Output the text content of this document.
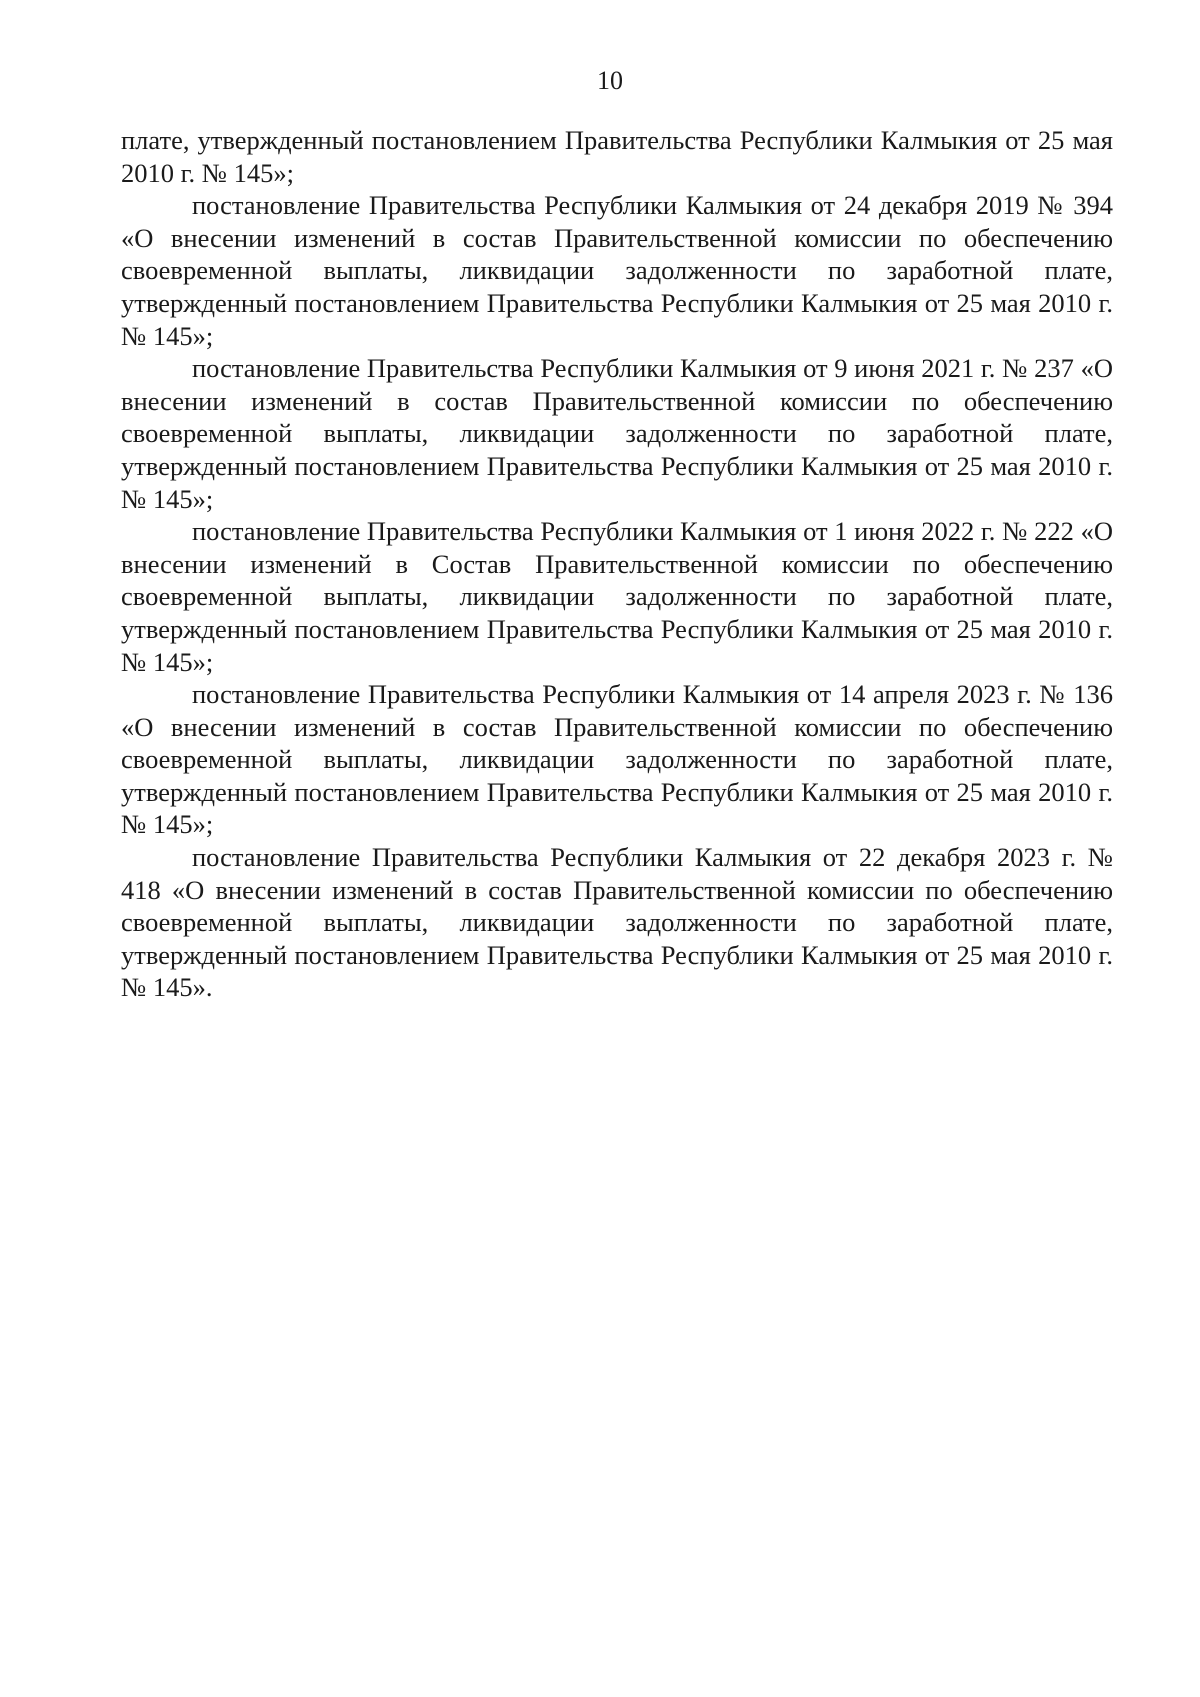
10

плате, утвержденный постановлением Правительства Республики Калмыкия от 25 мая 2010 г. № 145»;

постановление Правительства Республики Калмыкия от 24 декабря 2019 № 394 «О внесении изменений в состав Правительственной комиссии по обеспечению своевременной выплаты, ликвидации задолженности по заработной плате, утвержденный постановлением Правительства Республики Калмыкия от 25 мая 2010 г. № 145»;

постановление Правительства Республики Калмыкия от 9 июня 2021 г. № 237 «О внесении изменений в состав Правительственной комиссии по обеспечению своевременной выплаты, ликвидации задолженности по заработной плате, утвержденный постановлением Правительства Республики Калмыкия от 25 мая 2010 г. № 145»;

постановление Правительства Республики Калмыкия от 1 июня 2022 г. № 222 «О внесении изменений в Состав Правительственной комиссии по обеспечению своевременной выплаты, ликвидации задолженности по заработной плате, утвержденный постановлением Правительства Республики Калмыкия от 25 мая 2010 г. № 145»;

постановление Правительства Республики Калмыкия от 14 апреля 2023 г. № 136 «О внесении изменений в состав Правительственной комиссии по обеспечению своевременной выплаты, ликвидации задолженности по заработной плате, утвержденный постановлением Правительства Республики Калмыкия от 25 мая 2010 г. № 145»;

постановление Правительства Республики Калмыкия от 22 декабря 2023 г. № 418 «О внесении изменений в состав Правительственной комиссии по обеспечению своевременной выплаты, ликвидации задолженности по заработной плате, утвержденный постановлением Правительства Республики Калмыкия от 25 мая 2010 г. № 145».
